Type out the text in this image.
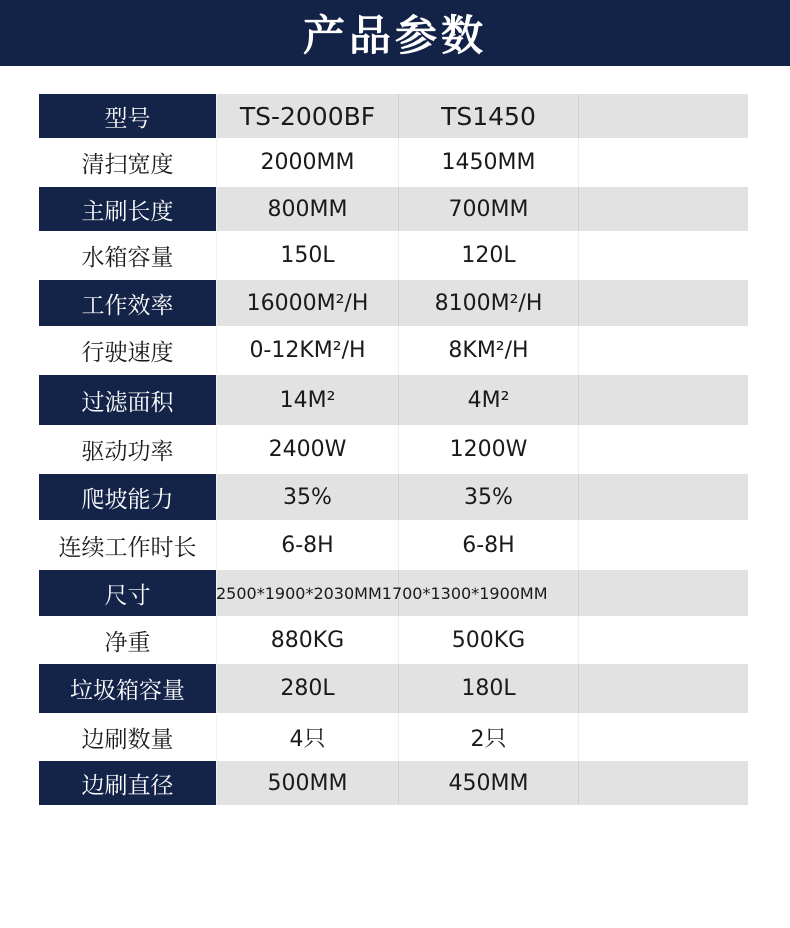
产品参数
型号	TS-2000BF	TS1450
清扫宽度	2000MM	1450MM
主刷长度	800MM	700MM
水箱容量	150L	120L
工作效率	16000M²/H	8100M²/H
行驶速度	0-12KM²/H	8KM²/H
过滤面积	14M²	4M²
驱动功率	2400W	1200W
爬坡能力	35%	35%
连续工作时长	6-8H	6-8H
尺寸	2500*1900*2030MM 1700*1300*1900MM
净重	880KG	500KG
垃圾箱容量	280L	180L
边刷数量	4只	2只
边刷直径	500MM	450MM
